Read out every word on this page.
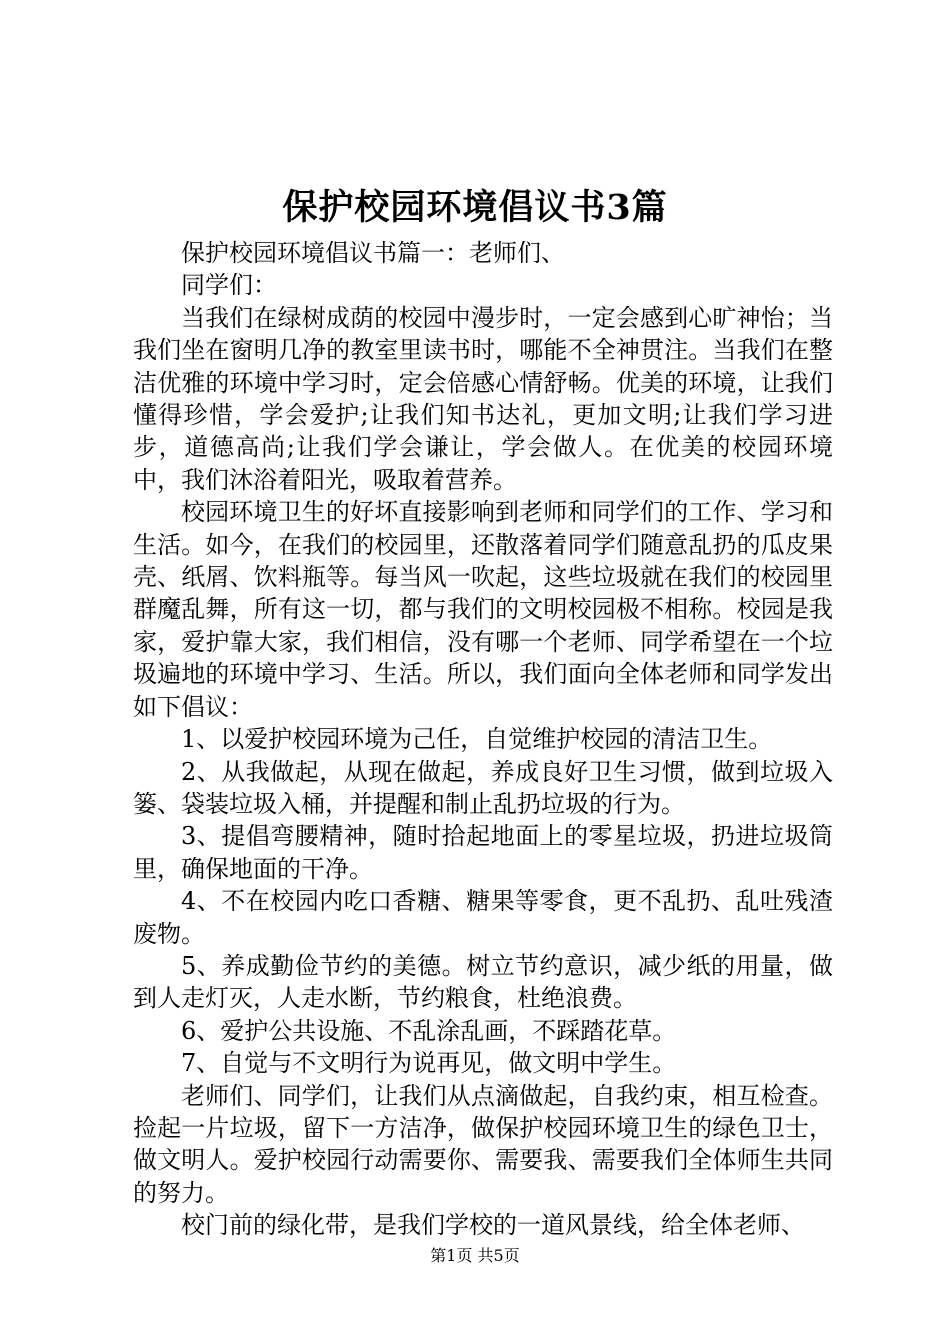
保护校园环境倡议书3篇

保护校园环境倡议书篇一：老师们、

同学们：

当我们在绿树成荫的校园中漫步时，一定会感到心旷神怡；当我们坐在窗明几净的教室里读书时，哪能不全神贯注。当我们在整洁优雅的环境中学习时，定会倍感心情舒畅。优美的环境，让我们懂得珍惜，学会爱护;让我们知书达礼，更加文明;让我们学习进步，道德高尚;让我们学会谦让，学会做人。在优美的校园环境中，我们沐浴着阳光，吸取着营养。

校园环境卫生的好坏直接影响到老师和同学们的工作、学习和生活。如今，在我们的校园里，还散落着同学们随意乱扔的瓜皮果壳、纸屑、饮料瓶等。每当风一吹起，这些垃圾就在我们的校园里群魔乱舞，所有这一切，都与我们的文明校园极不相称。校园是我家，爱护靠大家，我们相信，没有哪一个老师、同学希望在一个垃圾遍地的环境中学习、生活。所以，我们面向全体老师和同学发出如下倡议：

1、以爱护校园环境为己任，自觉维护校园的清洁卫生。

2、从我做起，从现在做起，养成良好卫生习惯，做到垃圾入篓、袋装垃圾入桶，并提醒和制止乱扔垃圾的行为。

3、提倡弯腰精神，随时拾起地面上的零星垃圾，扔进垃圾筒里，确保地面的干净。

4、不在校园内吃口香糖、糖果等零食，更不乱扔、乱吐残渣废物。

5、养成勤俭节约的美德。树立节约意识，减少纸的用量，做到人走灯灭，人走水断，节约粮食，杜绝浪费。

6、爱护公共设施、不乱涂乱画，不踩踏花草。

7、自觉与不文明行为说再见，做文明中学生。

老师们、同学们，让我们从点滴做起，自我约束，相互检查。捡起一片垃圾，留下一方洁净，做保护校园环境卫生的绿色卫士，做文明人。爱护校园行动需要你、需要我、需要我们全体师生共同的努力。

校门前的绿化带，是我们学校的一道风景线，给全体老师、

第1页 共5页
